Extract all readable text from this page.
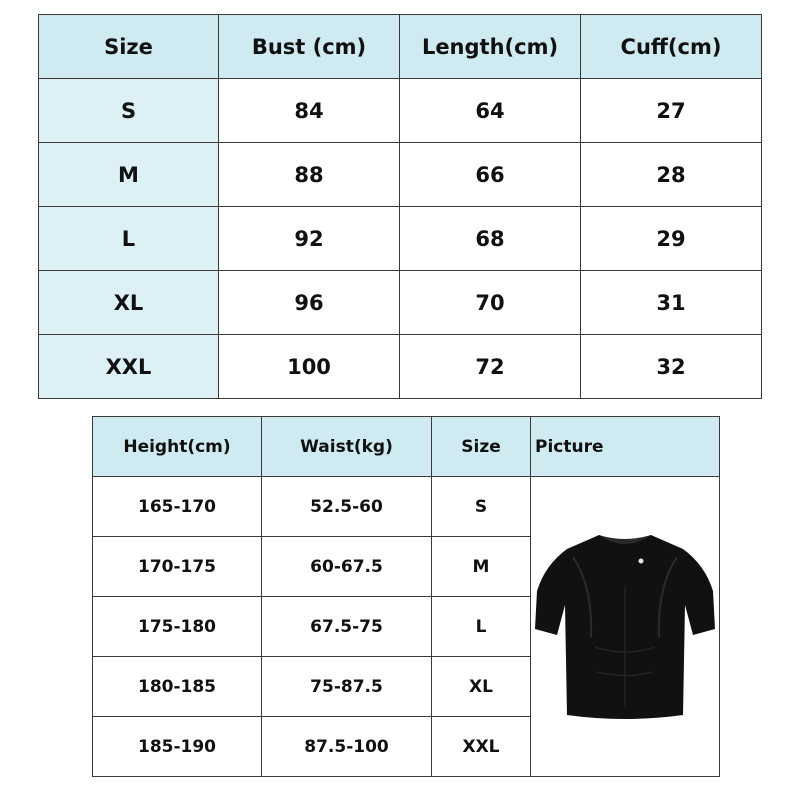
Size	Bust (cm)	Length(cm)	Cuff(cm)
S	84	64	27
M	88	66	28
L	92	68	29
XL	96	70	31
XXL	100	72	32
Height(cm)	Waist(kg)	Size	Picture
165-170	52.5-60	S	

170-175	60-67.5	M	
175-180	67.5-75	L	
180-185	75-87.5	XL	
185-190	87.5-100	XXL	
